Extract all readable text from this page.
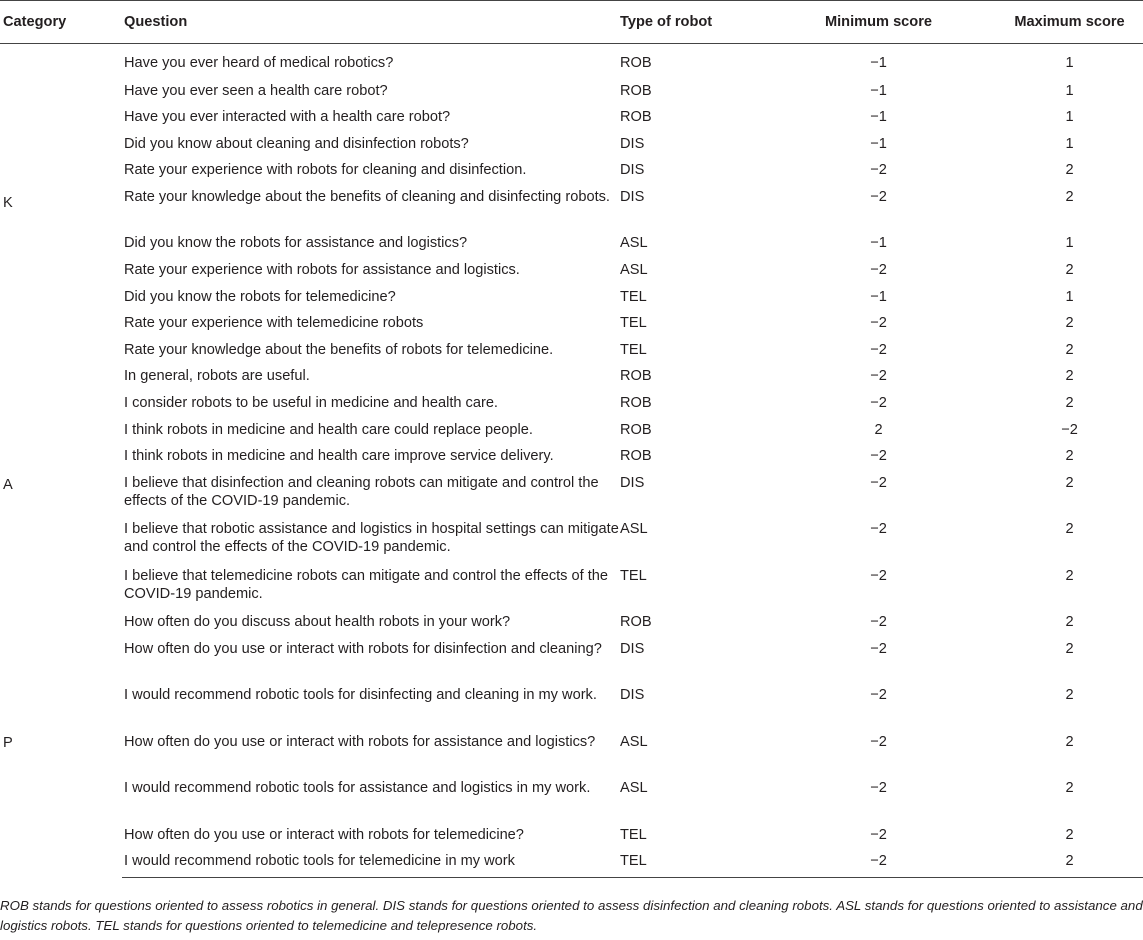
Category	Question	Type of robot	Minimum score	Maximum score
K	Have you ever heard of medical robotics?	ROB	−1	1
	Have you ever seen a health care robot?	ROB	−1	1
	Have you ever interacted with a health care robot?	ROB	−1	1
	Did you know about cleaning and disinfection robots?	DIS	−1	1
	Rate your experience with robots for cleaning and disinfection.	DIS	−2	2
	Rate your knowledge about the benefits of cleaning and disinfecting robots.	DIS	−2	2
	Did you know the robots for assistance and logistics?	ASL	−1	1
	Rate your experience with robots for assistance and logistics.	ASL	−2	2
	Did you know the robots for telemedicine?	TEL	−1	1
	Rate your experience with telemedicine robots	TEL	−2	2
	Rate your knowledge about the benefits of robots for telemedicine.	TEL	−2	2
A	In general, robots are useful.	ROB	−2	2
	I consider robots to be useful in medicine and health care.	ROB	−2	2
	I think robots in medicine and health care could replace people.	ROB	2	−2
	I think robots in medicine and health care improve service delivery.	ROB	−2	2
	I believe that disinfection and cleaning robots can mitigate and control the effects of the COVID-19 pandemic.	DIS	−2	2
	I believe that robotic assistance and logistics in hospital settings can mitigate and control the effects of the COVID-19 pandemic.	ASL	−2	2
	I believe that telemedicine robots can mitigate and control the effects of the COVID-19 pandemic.	TEL	−2	2
P	How often do you discuss about health robots in your work?	ROB	−2	2
	How often do you use or interact with robots for disinfection and cleaning?	DIS	−2	2
	I would recommend robotic tools for disinfecting and cleaning in my work.	DIS	−2	2
	How often do you use or interact with robots for assistance and logistics?	ASL	−2	2
	I would recommend robotic tools for assistance and logistics in my work.	ASL	−2	2
	How often do you use or interact with robots for telemedicine?	TEL	−2	2
	I would recommend robotic tools for telemedicine in my work	TEL	−2	2
ROB stands for questions oriented to assess robotics in general. DIS stands for questions oriented to assess disinfection and cleaning robots. ASL stands for questions oriented to assistance and logistics robots. TEL stands for questions oriented to telemedicine and telepresence robots.
